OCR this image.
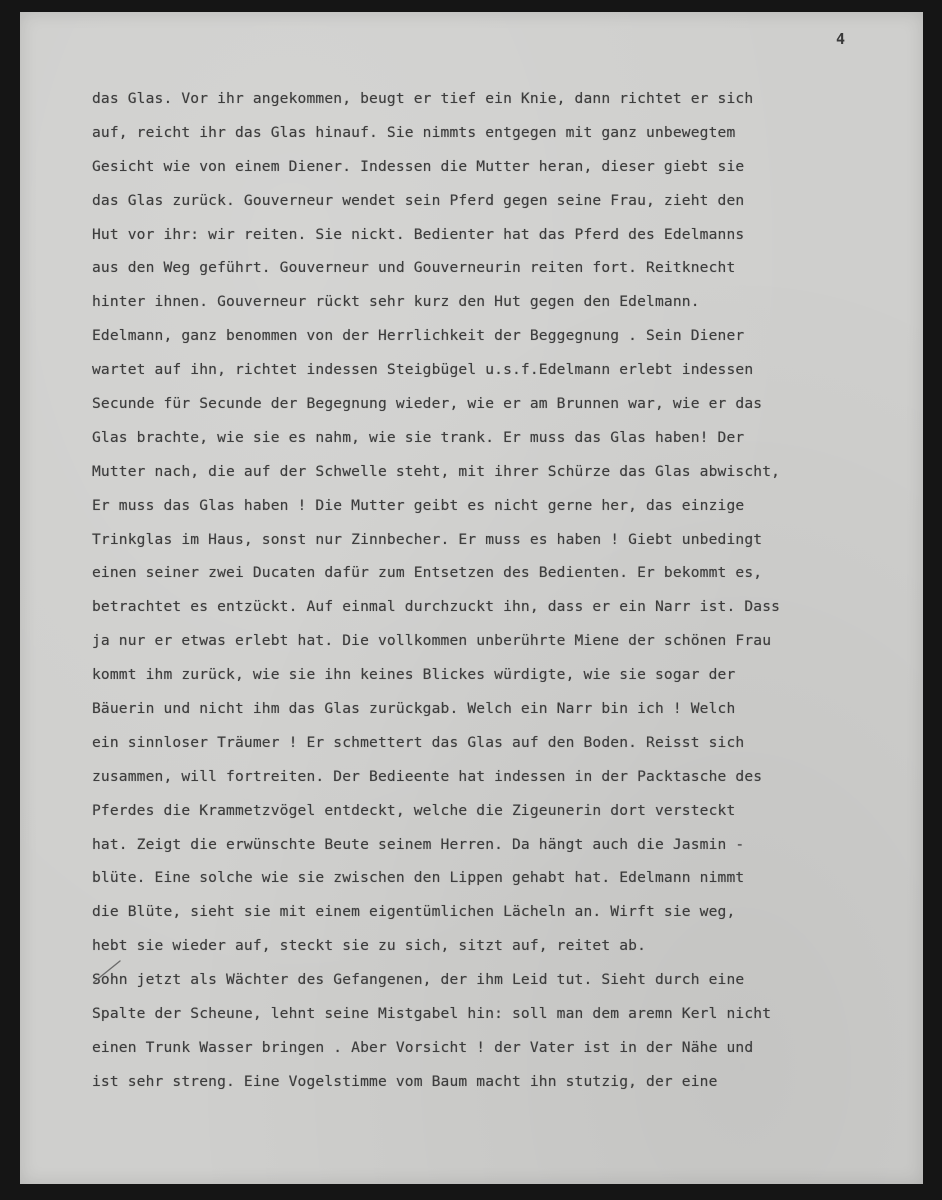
4
das Glas. Vor ihr angekommen, beugt er tief ein Knie, dann richtet er sich
auf, reicht ihr das Glas hinauf. Sie nimmts entgegen mit ganz unbewegtem
Gesicht wie von einem Diener. Indessen die Mutter heran, dieser giebt sie
das Glas zurück. Gouverneur wendet sein Pferd gegen seine Frau, zieht den
Hut vor ihr: wir reiten. Sie nickt. Bedienter hat das Pferd des Edelmanns
aus den Weg geführt. Gouverneur und Gouverneurin reiten fort. Reitknecht
hinter ihnen. Gouverneur rückt sehr kurz den Hut gegen den Edelmann.
Edelmann, ganz benommen von der Herrlichkeit der Beggegnung . Sein Diener
wartet auf ihn, richtet indessen Steigbügel u.s.f.Edelmann erlebt indessen
Secunde für Secunde der Begegnung wieder, wie er am Brunnen war, wie er das
Glas brachte, wie sie es nahm, wie sie trank. Er muss das Glas haben! Der
Mutter nach, die auf der Schwelle steht, mit ihrer Schürze das Glas abwischt,
Er muss das Glas haben ! Die Mutter geibt es nicht gerne her, das einzige
Trinkglas im Haus, sonst nur Zinnbecher. Er muss es haben ! Giebt unbedingt
einen seiner zwei Ducaten dafür zum Entsetzen des Bedienten. Er bekommt es,
betrachtet es entzückt. Auf einmal durchzuckt ihn, dass er ein Narr ist. Dass
ja nur er etwas erlebt hat. Die vollkommen unberührte Miene der schönen Frau
kommt ihm zurück, wie sie ihn keines Blickes würdigte, wie sie sogar der
Bäuerin und nicht ihm das Glas zurückgab. Welch ein Narr bin ich ! Welch
ein sinnloser Träumer ! Er schmettert das Glas auf den Boden. Reisst sich
zusammen, will fortreiten. Der Bedieente hat indessen in der Packtasche des
Pferdes die Krammetzvögel entdeckt, welche die Zigeunerin dort versteckt
hat. Zeigt die erwünschte Beute seinem Herren. Da hängt auch die Jasmin -
blüte. Eine solche wie sie zwischen den Lippen gehabt hat. Edelmann nimmt
die Blüte, sieht sie mit einem eigentümlichen Lächeln an. Wirft sie weg,
hebt sie wieder auf, steckt sie zu sich, sitzt auf, reitet ab.
Sohn jetzt als Wächter des Gefangenen, der ihm Leid tut. Sieht durch eine
Spalte der Scheune, lehnt seine Mistgabel hin: soll man dem aremn Kerl nicht
einen Trunk Wasser bringen . Aber Vorsicht ! der Vater ist in der Nähe und
ist sehr streng. Eine Vogelstimme vom Baum macht ihn stutzig, der eine
